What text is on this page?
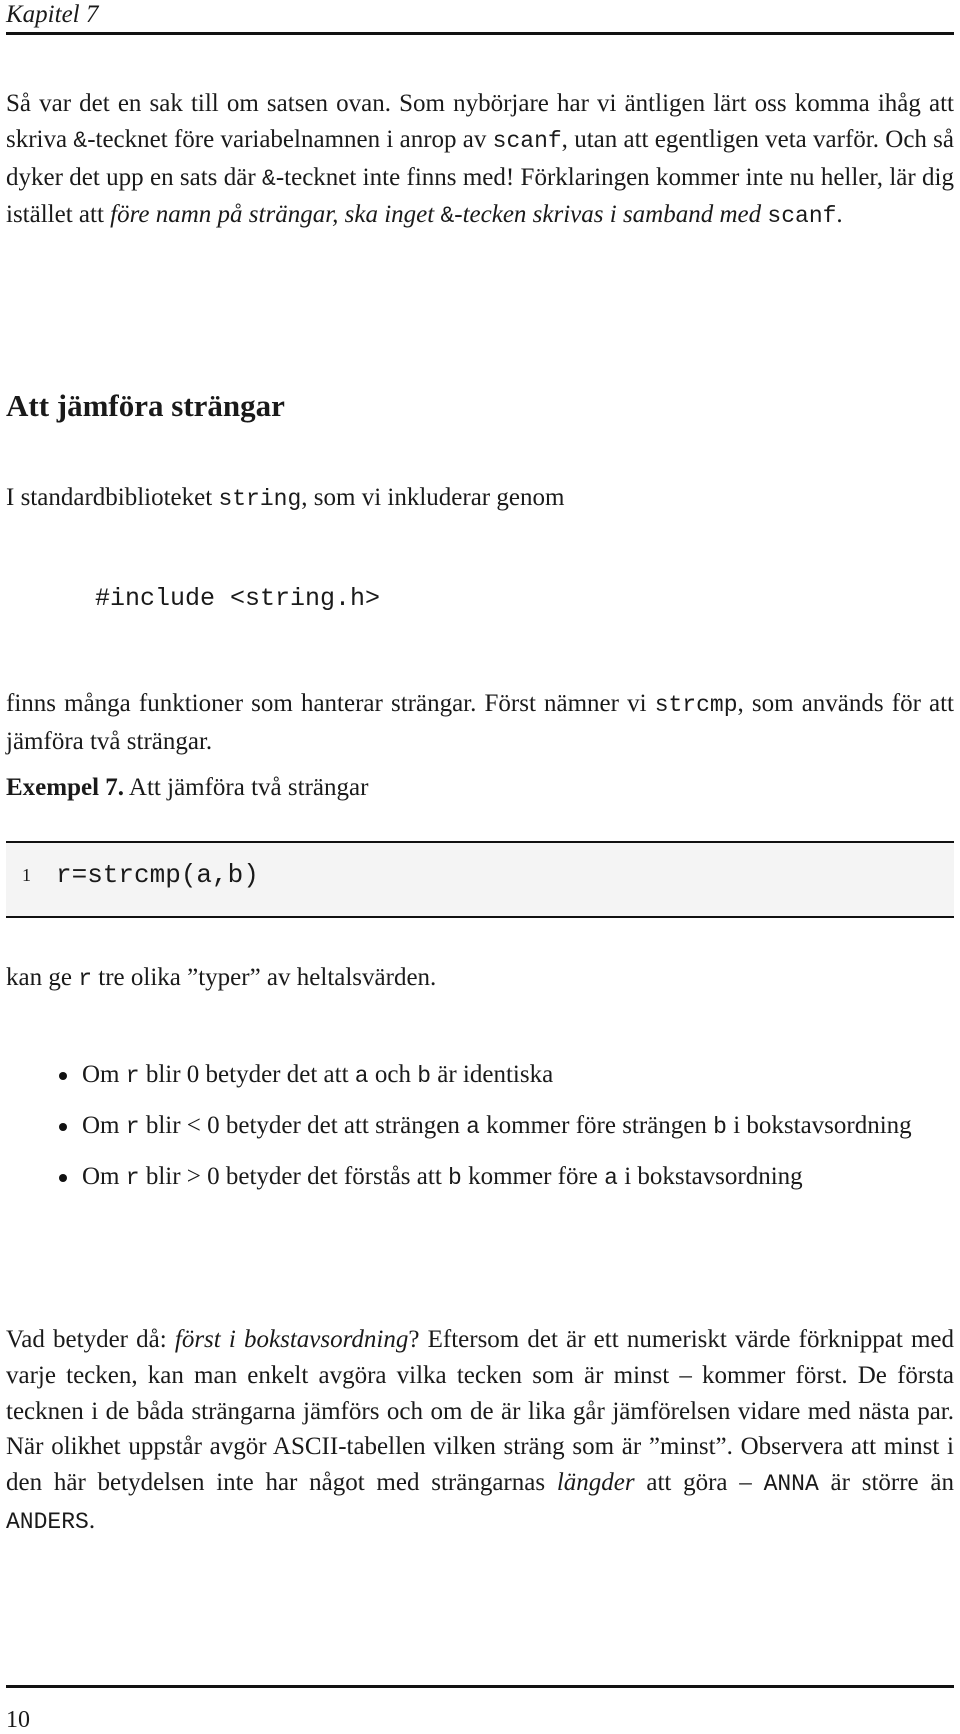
Kapitel 7
Så var det en sak till om satsen ovan. Som nybörjare har vi äntligen lärt oss komma ihåg att skriva &-tecknet före variabelnamnen i anrop av scanf, utan att egentligen veta varför. Och så dyker det upp en sats där &-tecknet inte finns med! Förklaringen kommer inte nu heller, lär dig istället att före namn på strängar, ska inget &-tecken skrivas i samband med scanf.
Att jämföra strängar
I standardbiblioteket string, som vi inkluderar genom
#include <string.h>
finns många funktioner som hanterar strängar. Först nämner vi strcmp, som används för att jämföra två strängar.
Exempel 7. Att jämföra två strängar
1 r=strcmp(a,b)
kan ge r tre olika ”typer” av heltalsvärden.
Om r blir 0 betyder det att a och b är identiska
Om r blir < 0 betyder det att strängen a kommer före strängen b i bokstavsordning
Om r blir > 0 betyder det förstås att b kommer före a i bokstavsordning
Vad betyder då: först i bokstavsordning? Eftersom det är ett numeriskt värde förknippat med varje tecken, kan man enkelt avgöra vilka tecken som är minst – kommer först. De första tecknen i de båda strängarna jämförs och om de är lika går jämförelsen vidare med nästa par. När olikhet uppstår avgör ASCII-tabellen vilken sträng som är ”minst”. Observera att minst i den här betydelsen inte har något med strängarnas längder att göra – ANNA är större än ANDERS.
10
